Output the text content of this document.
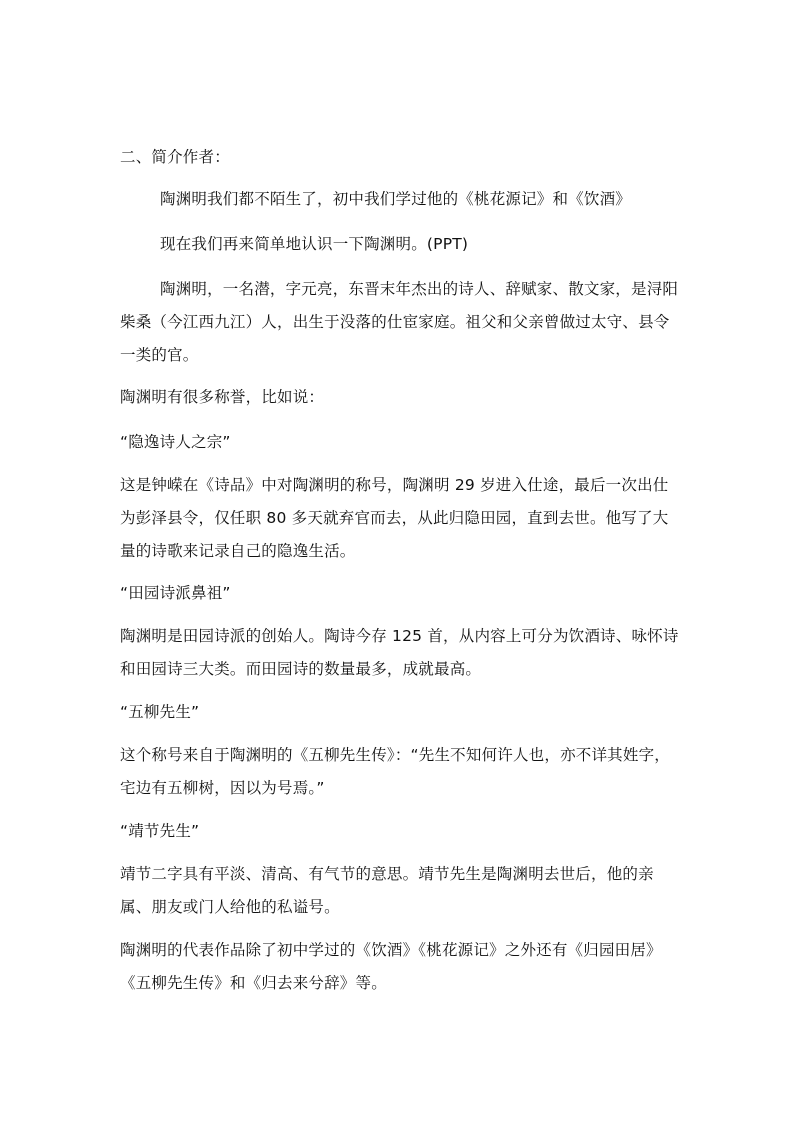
二、简介作者：

陶渊明我们都不陌生了，初中我们学过他的《桃花源记》和《饮酒》

现在我们再来简单地认识一下陶渊明。(PPT)

陶渊明，一名潜，字元亮，东晋末年杰出的诗人、辞赋家、散文家，是浔阳柴桑（今江西九江）人，出生于没落的仕宦家庭。祖父和父亲曾做过太守、县令一类的官。

陶渊明有很多称誉，比如说：

“隐逸诗人之宗”

这是钟嵘在《诗品》中对陶渊明的称号，陶渊明 29 岁进入仕途，最后一次出仕为彭泽县令，仅任职 80 多天就弃官而去，从此归隐田园，直到去世。他写了大量的诗歌来记录自己的隐逸生活。

“田园诗派鼻祖”

陶渊明是田园诗派的创始人。陶诗今存 125 首，从内容上可分为饮酒诗、咏怀诗和田园诗三大类。而田园诗的数量最多，成就最高。

“五柳先生”

这个称号来自于陶渊明的《五柳先生传》：“先生不知何许人也，亦不详其姓字，宅边有五柳树，因以为号焉。”

“靖节先生”

靖节二字具有平淡、清高、有气节的意思。靖节先生是陶渊明去世后，他的亲属、朋友或门人给他的私谥号。

陶渊明的代表作品除了初中学过的《饮酒》《桃花源记》之外还有《归园田居》《五柳先生传》和《归去来兮辞》等。
